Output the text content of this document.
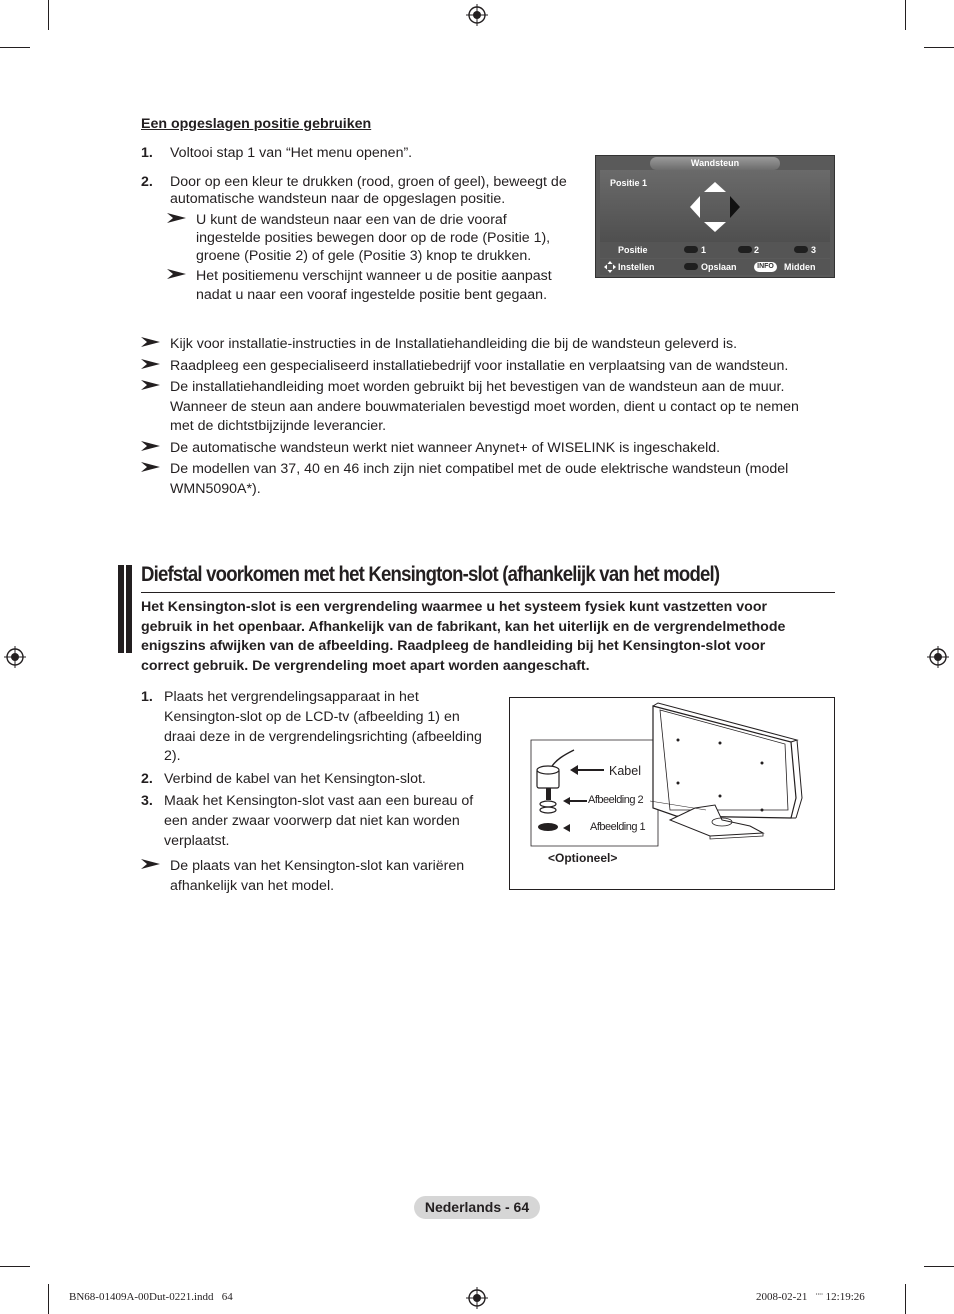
Een opgeslagen positie gebruiken
1. Voltooi stap 1 van “Het menu openen”.
2. Door op een kleur te drukken (rood, groen of geel), beweegt de
automatische wandsteun naar de opgeslagen positie.
U kunt de wandsteun naar een van de drie vooraf
ingestelde posities bewegen door op de rode (Positie 1),
groene (Positie 2) of gele (Positie 3) knop te drukken.
Het positiemenu verschijnt wanneer u de positie aanpast
nadat u naar een vooraf ingestelde positie bent gegaan.
Wandsteun
Positie 1
Positie	1	2	3
Instellen	Opslaan	INFO	Midden
Kijk voor installatie-instructies in de Installatiehandleiding die bij de wandsteun geleverd is.
Raadpleeg een gespecialiseerd installatiebedrijf voor installatie en verplaatsing van de wandsteun.
De installatiehandleiding moet worden gebruikt bij het bevestigen van de wandsteun aan de muur.
Wanneer de steun aan andere bouwmaterialen bevestigd moet worden, dient u contact op te nemen
met de dichtstbijzijnde leverancier.
De automatische wandsteun werkt niet wanneer Anynet+ of WISELINK is ingeschakeld.
De modellen van 37, 40 en 46 inch zijn niet compatibel met de oude elektrische wandsteun (model
WMN5090A*).
Diefstal voorkomen met het Kensington-slot (afhankelijk van het model)
Het Kensington-slot is een vergrendeling waarmee u het systeem fysiek kunt vastzetten voor
gebruik in het openbaar. Afhankelijk van de fabrikant, kan het uiterlijk en de vergrendelmethode
enigszins afwijken van de afbeelding. Raadpleeg de handleiding bij het Kensington-slot voor
correct gebruik. De vergrendeling moet apart worden aangeschaft.
1. Plaats het vergrendelingsapparaat in het
Kensington-slot op de LCD-tv (afbeelding 1) en
draai deze in de vergrendelingsrichting (afbeelding
2).
2. Verbind de kabel van het Kensington-slot.
3. Maak het Kensington-slot vast aan een bureau of
een ander zwaar voorwerp dat niet kan worden
verplaatst.
De plaats van het Kensington-slot kan variëren
afhankelijk van het model.
Kabel
Afbeelding 2
Afbeelding 1
<Optioneel>
Nederlands - 64
BN68-01409A-00Dut-0221.indd   64	2008-02-21   ¨¨ 12:19:26
